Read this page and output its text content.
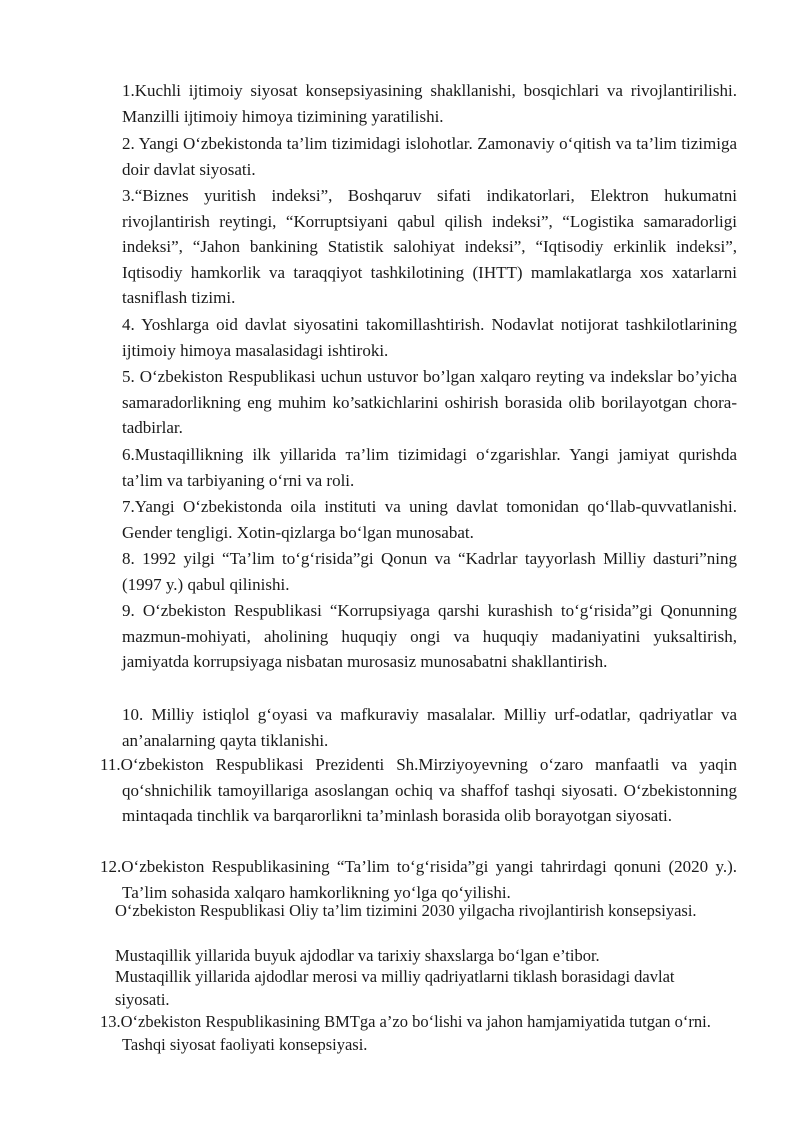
1.Kuchli ijtimoiy siyosat konsepsiyasining shakllanishi, bosqichlari va rivojlantirilishi. Manzilli ijtimoiy himoya tizimining yaratilishi.
2. Yangi O‘zbekistonda ta’lim tizimidagi islohotlar. Zamonaviy o‘qitish va ta’lim tizimiga doir davlat siyosati.
3.“Biznes yuritish indeksi”, Boshqaruv sifati indikatorlari, Elektron hukumatni rivojlantirish reytingi, “Korruptsiyani qabul qilish indeksi”, “Logistika samaradorligi indeksi”, “Jahon bankining Statistik salohiyat indeksi”, “Iqtisodiy erkinlik indeksi”, Iqtisodiy hamkorlik va taraqqiyot tashkilotining (IHTT) mamlakatlarga xos xatarlarni tasniflash tizimi.
4. Yoshlarga oid davlat siyosatini takomillashtirish. Nodavlat notijorat tashkilotlarining ijtimoiy himoya masalasidagi ishtiroki.
5. O‘zbekiston Respublikasi uchun ustuvor bo’lgan xalqaro reyting va indekslar bo’yicha samaradorlikning eng muhim ko’satkichlarini oshirish borasida olib borilayotgan chora-tadbirlar.
6.Mustaqillikning ilk yillarida тa’lim tizimidagi o‘zgarishlar. Yangi jamiyat qurishda ta’lim va tarbiyaning o‘rni va roli.
7.Yangi O‘zbekistonda oila instituti va uning davlat tomonidan qo‘llab-quvvatlanishi. Gender tengligi. Xotin-qizlarga bo‘lgan munosabat.
8. 1992 yilgi “Ta’lim to‘g‘risida”gi Qonun va “Kadrlar tayyorlash Milliy dasturi”ning (1997 y.) qabul qilinishi.
9. O‘zbekiston Respublikasi “Korrupsiyaga qarshi kurashish to‘g‘risida”gi Qonunning mazmun-mohiyati, aholining huquqiy ongi va huquqiy madaniyatini yuksaltirish, jamiyatda korrupsiyaga nisbatan murosasiz munosabatni shakllantirish.
10. Milliy istiqlol g‘oyasi va mafkuraviy masalalar. Milliy urf-odatlar, qadriyatlar va an’analarning qayta tiklanishi.
11.O‘zbekiston Respublikasi Prezidenti Sh.Mirziyoyevning o‘zaro manfaatli va yaqin qo‘shnichilik tamoyillariga asoslangan ochiq va shaffof tashqi siyosati. O‘zbekistonning mintaqada tinchlik va barqarorlikni ta’minlash borasida olib borayotgan siyosati.
12.O‘zbekiston Respublikasining “Ta’lim to‘g‘risida”gi yangi tahrirdagi qonuni (2020 y.). Ta’lim sohasida xalqaro hamkorlikning yo‘lga qo‘yilishi.
O‘zbekiston Respublikasi Oliy ta’lim tizimini 2030 yilgacha rivojlantirish konsepsiyasi.
Mustaqillik yillarida buyuk ajdodlar va tarixiy shaxslarga bo‘lgan e’tibor.
Mustaqillik yillarida ajdodlar merosi va milliy qadriyatlarni tiklash borasidagi davlat siyosati.
13.O‘zbekiston Respublikasining BMTga a’zo bo‘lishi va jahon hamjamiyatida tutgan o‘rni. Tashqi siyosat faoliyati konsepsiyasi.
